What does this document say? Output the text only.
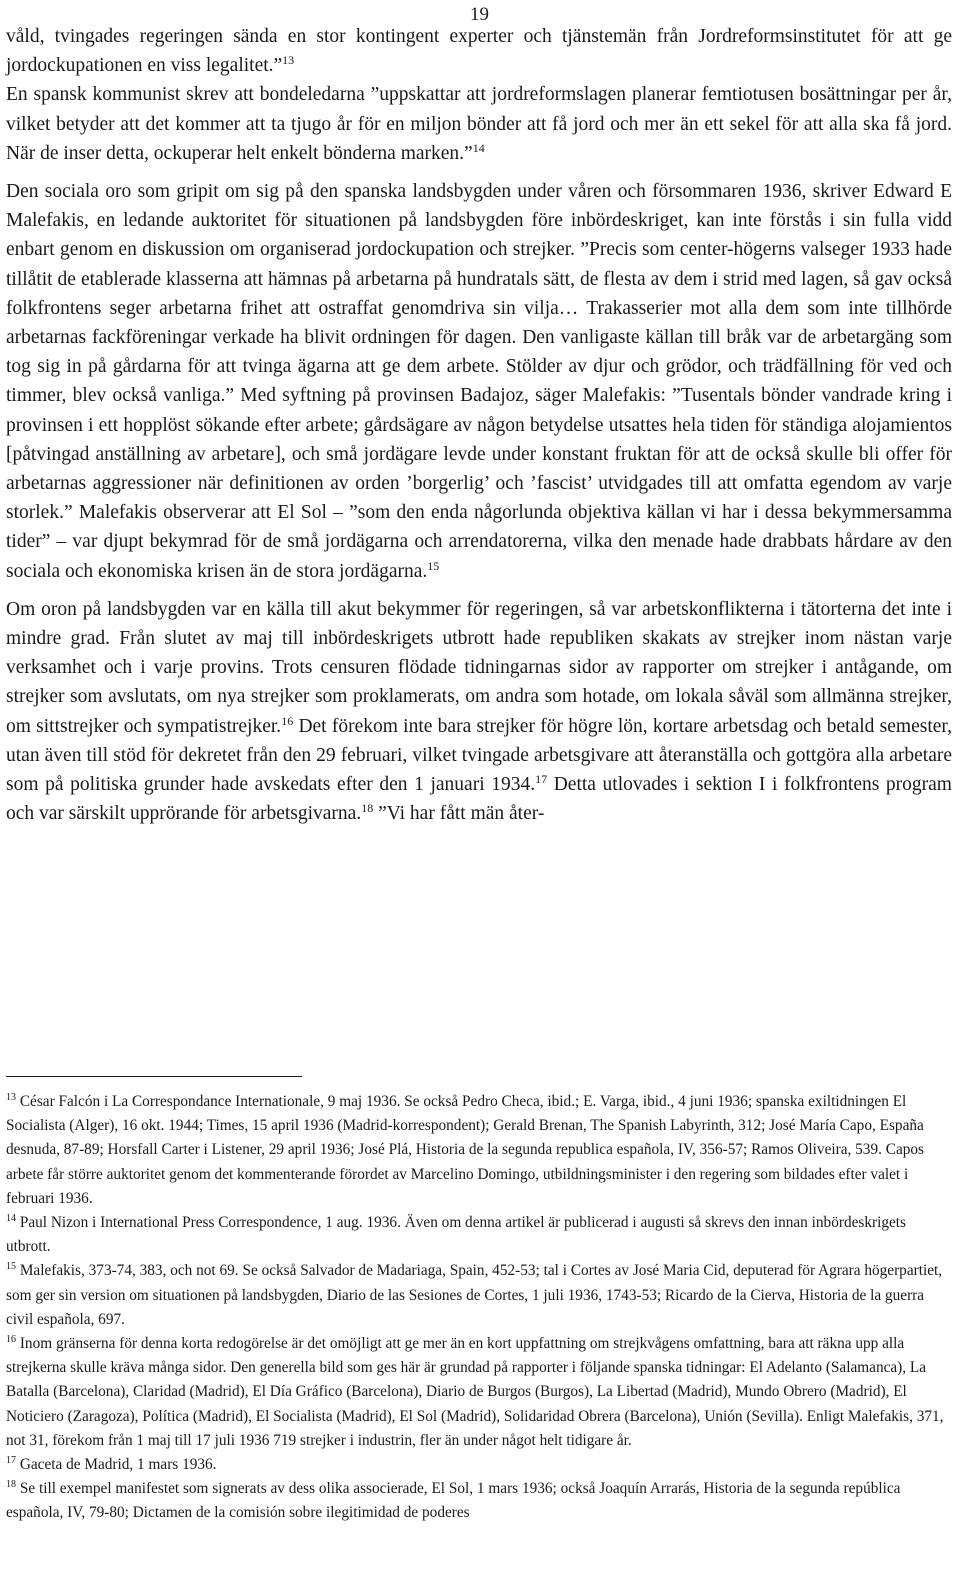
19

våld, tvingades regeringen sända en stor kontingent experter och tjänstemän från Jordreformsinstitutet för att ge jordockupationen en viss legalitet.”$^{13}$

En spansk kommunist skrev att bondeledarna ”uppskattar att jordreformslagen planerar femtiotusen bosättningar per år, vilket betyder att det kommer att ta tjugo år för en miljon bönder att få jord och mer än ett sekel för att alla ska få jord. När de inser detta, ockuperar helt enkelt bönderna marken.”$^{14}$

Den sociala oro som gripit om sig på den spanska landsbygden under våren och försommaren 1936, skriver Edward E Malefakis, en ledande auktoritet för situationen på landsbygden före inbördeskriget, kan inte förstås i sin fulla vidd enbart genom en diskussion om organiserad jordockupation och strejker. ”Precis som center-högerns valseger 1933 hade tillåtit de etablerade klasserna att hämnas på arbetarna på hundratals sätt, de flesta av dem i strid med lagen, så gav också folkfrontens seger arbetarna frihet att ostraffat genomdriva sin vilja… Trakasserier mot alla dem som inte tillhörde arbetarnas fackföreningar verkade ha blivit ordningen för dagen. Den vanligaste källan till bråk var de arbetargäng som tog sig in på gårdarna för att tvinga ägarna att ge dem arbete. Stölder av djur och grödor, och trädfällning för ved och timmer, blev också vanliga.” Med syftning på provinsen Badajoz, säger Malefakis: ”Tusentals bönder vandrade kring i provinsen i ett hopplöst sökande efter arbete; gårdsägare av någon betydelse utsattes hela tiden för ständiga alojamientos [påtvingad anställning av arbetare], och små jordägare levde under konstant fruktan för att de också skulle bli offer för arbetarnas aggressioner när definitionen av orden ’borgerlig’ och ’fascist’ utvidgades till att omfatta egendom av varje storlek.” Malefakis observerar att El Sol – ”som den enda någorlunda objektiva källan vi har i dessa bekymmersamma tider” – var djupt bekymrad för de små jordägarna och arrendatorerna, vilka den menade hade drabbats hårdare av den sociala och ekonomiska krisen än de stora jordägarna.$^{15}$

Om oron på landsbygden var en källa till akut bekymmer för regeringen, så var arbetskonflikterna i tätorterna det inte i mindre grad. Från slutet av maj till inbördeskrigets utbrott hade republiken skakats av strejker inom nästan varje verksamhet och i varje provins. Trots censuren flödade tidningarnas sidor av rapporter om strejker i antågande, om strejker som avslutats, om nya strejker som proklamerats, om andra som hotade, om lokala såväl som allmänna strejker, om sittstrejker och sympatistrejker.$^{16}$ Det förekom inte bara strejker för högre lön, kortare arbetsdag och betald semester, utan även till stöd för dekretet från den 29 februari, vilket tvingade arbetsgivare att återanställa och gottgöra alla arbetare som på politiska grunder hade avskedats efter den 1 januari 1934.17 Detta utlovades i sektion I i folkfrontens program och var särskilt upprörande för arbetsgivarna.$^{18}$ ”Vi har fått män åter-

$^{13}$ César Falcón i La Correspondance Internationale, 9 maj 1936. Se också Pedro Checa, ibid.; E. Varga, ibid., 4 juni 1936; spanska exiltidningen El Socialista (Alger), 16 okt. 1944; Times, 15 april 1936 (Madrid-korrespondent); Gerald Brenan, The Spanish Labyrinth, 312; José María Capo, España desnuda, 87-89; Horsfall Carter i Listener, 29 april 1936; José Plá, Historia de la segunda republica española, IV, 356-57; Ramos Oliveira, 539. Capos arbete får större auktoritet genom det kommenterande förordet av Marcelino Domingo, utbildningsminister i den regering som bildades efter valet i februari 1936.

$^{14}$ Paul Nizon i International Press Correspondence, 1 aug. 1936. Även om denna artikel är publicerad i augusti så skrevs den innan inbördeskrigets utbrott.

$^{15}$ Malefakis, 373-74, 383, och not 69. Se också Salvador de Madariaga, Spain, 452-53; tal i Cortes av José Maria Cid, deputerad för Agrara högerpartiet, som ger sin version om situationen på landsbygden, Diario de las Sesiones de Cortes, 1 juli 1936, 1743-53; Ricardo de la Cierva, Historia de la guerra civil española, 697.

$^{16}$ Inom gränserna för denna korta redogörelse är det omöjligt att ge mer än en kort uppfattning om strejkvågens omfattning, bara att räkna upp alla strejkerna skulle kräva många sidor. Den generella bild som ges här är grundad på rapporter i följande spanska tidningar: El Adelanto (Salamanca), La Batalla (Barcelona), Claridad (Madrid), El Día Gráfico (Barcelona), Diario de Burgos (Burgos), La Libertad (Madrid), Mundo Obrero (Madrid), El Noticiero (Zaragoza), Política (Madrid), El Socialista (Madrid), El Sol (Madrid), Solidaridad Obrera (Barcelona), Unión (Sevilla). Enligt Malefakis, 371, not 31, förekom från 1 maj till 17 juli 1936 719 strejker i industrin, fler än under något helt tidigare år.

$^{17}$ Gaceta de Madrid, 1 mars 1936.

$^{18}$ Se till exempel manifestet som signerats av dess olika associerade, El Sol, 1 mars 1936; också Joaquín Arrarás, Historia de la segunda república española, IV, 79-80; Dictamen de la comisión sobre ilegitimidad de poderes
